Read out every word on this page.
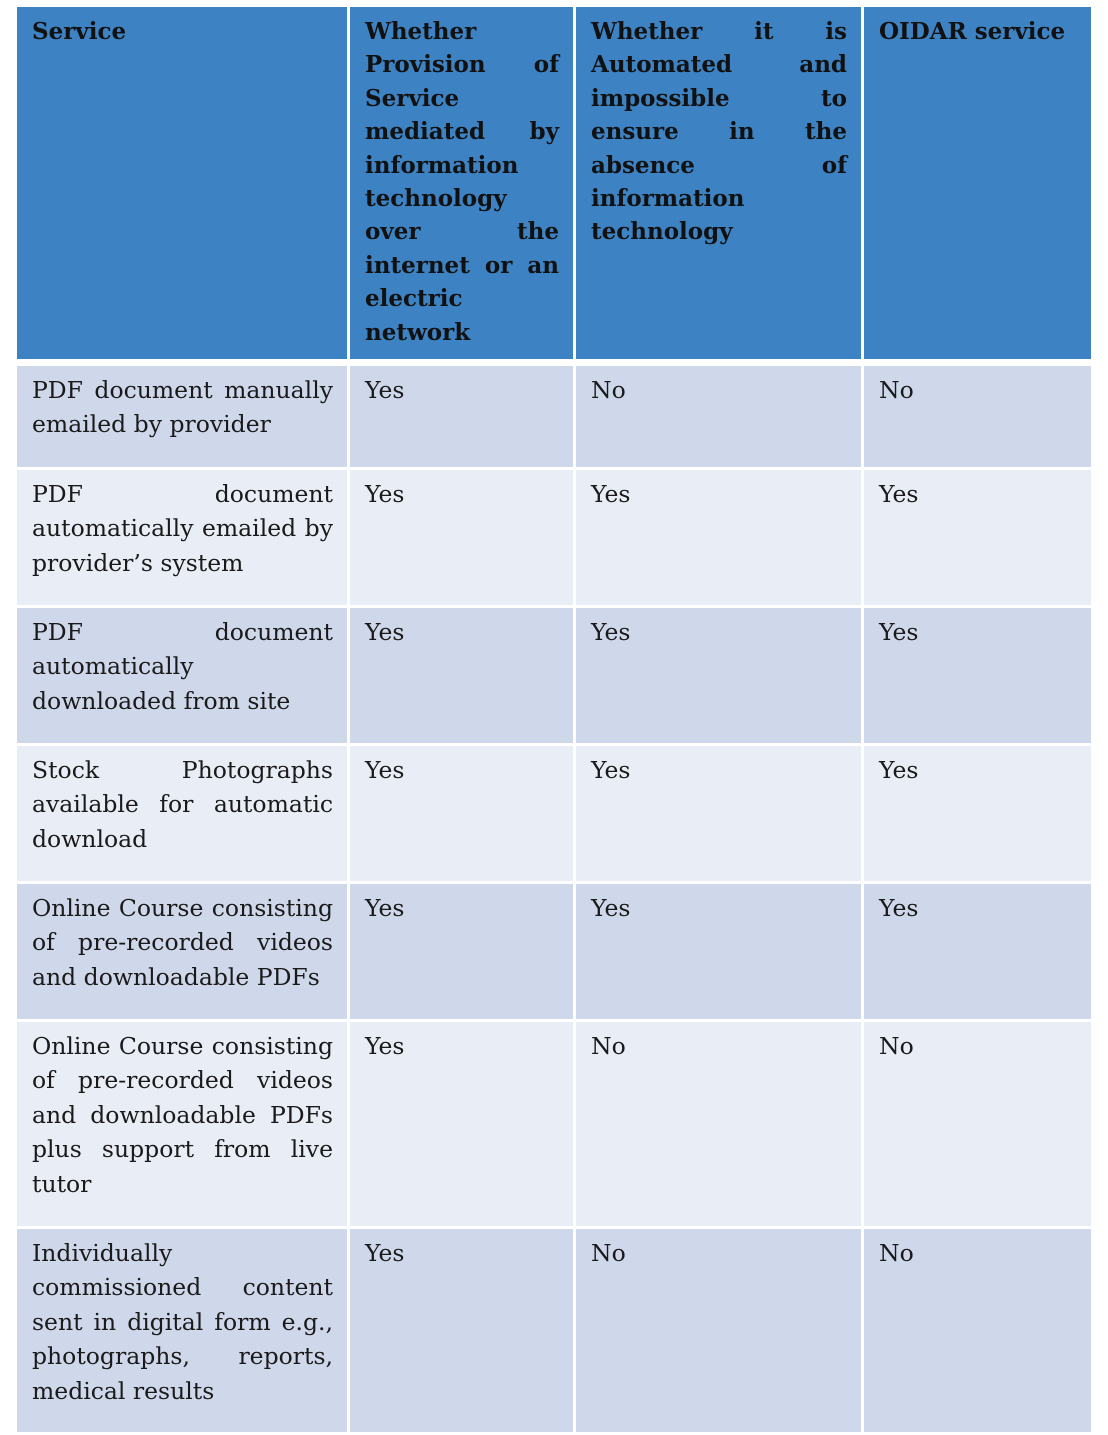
Service	Whether Provision of Service mediated by information technology over the internet or an electric network	Whether it is Automated and impossible to ensure in the absence of information technology	OIDAR service
PDF document manually emailed by provider	Yes	No	No
PDF document automatically emailed by provider’s system	Yes	Yes	Yes
PDF document automatically downloaded from site	Yes	Yes	Yes
Stock Photographs available for automatic download	Yes	Yes	Yes
Online Course consisting of pre-recorded videos and downloadable PDFs	Yes	Yes	Yes
Online Course consisting of pre-recorded videos and downloadable PDFs plus support from live tutor	Yes	No	No
Individually commissioned content sent in digital form e.g., photographs, reports, medical results	Yes	No	No
